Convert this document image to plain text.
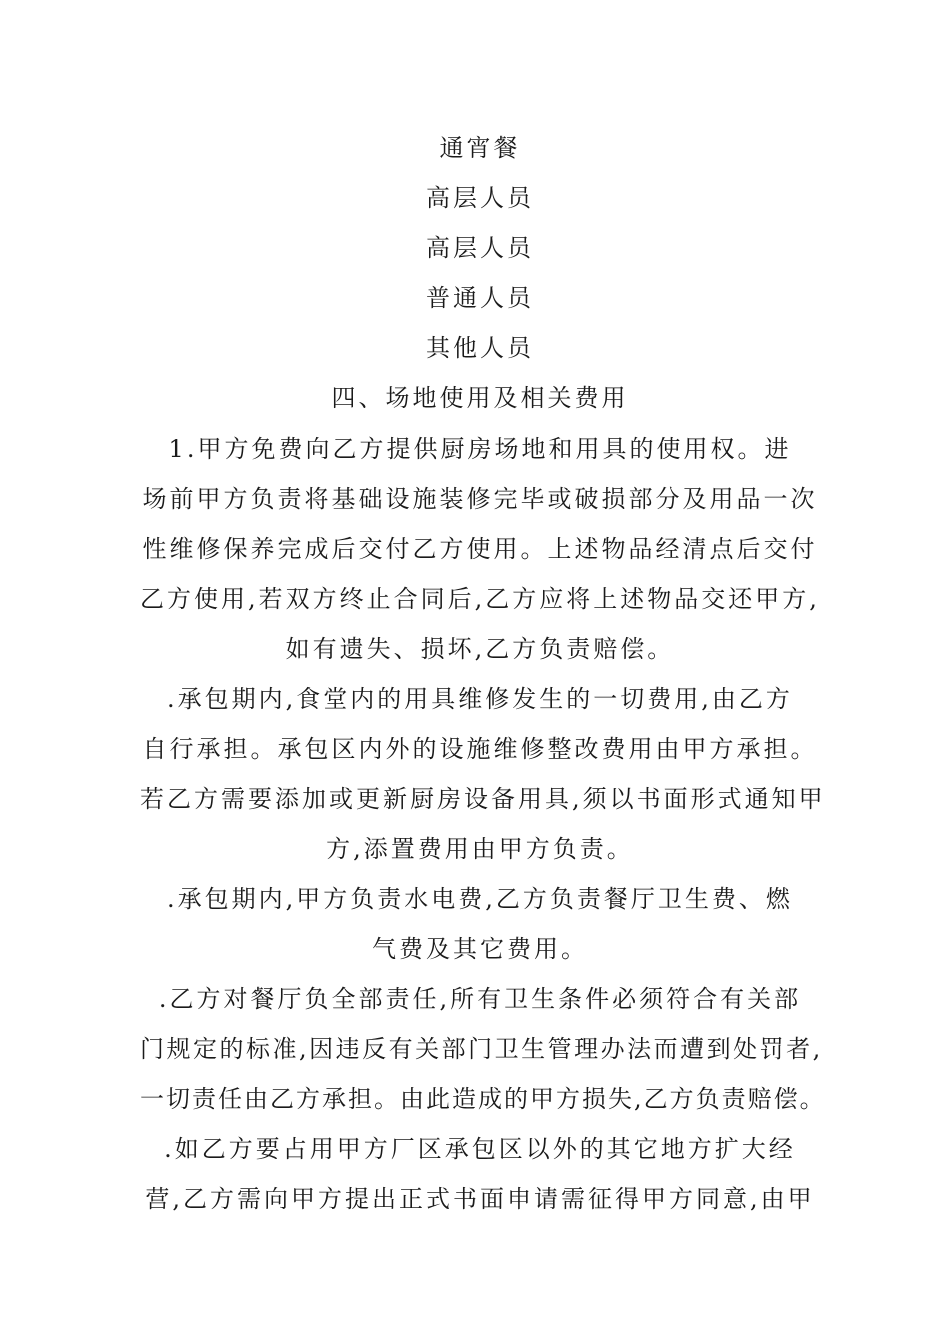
通宵餐
高层人员
高层人员
普通人员
其他人员
四、场地使用及相关费用
1.甲方免费向乙方提供厨房场地和用具的使用权。进
场前甲方负责将基础设施装修完毕或破损部分及用品一次
性维修保养完成后交付乙方使用。上述物品经清点后交付
乙方使用,若双方终止合同后,乙方应将上述物品交还甲方,
如有遗失、损坏,乙方负责赔偿。
.承包期内,食堂内的用具维修发生的一切费用,由乙方
自行承担。承包区内外的设施维修整改费用由甲方承担。
若乙方需要添加或更新厨房设备用具,须以书面形式通知甲
方,添置费用由甲方负责。
.承包期内,甲方负责水电费,乙方负责餐厅卫生费、燃
气费及其它费用。
.乙方对餐厅负全部责任,所有卫生条件必须符合有关部
门规定的标准,因违反有关部门卫生管理办法而遭到处罚者,
一切责任由乙方承担。由此造成的甲方损失,乙方负责赔偿。
.如乙方要占用甲方厂区承包区以外的其它地方扩大经
营,乙方需向甲方提出正式书面申请需征得甲方同意,由甲
